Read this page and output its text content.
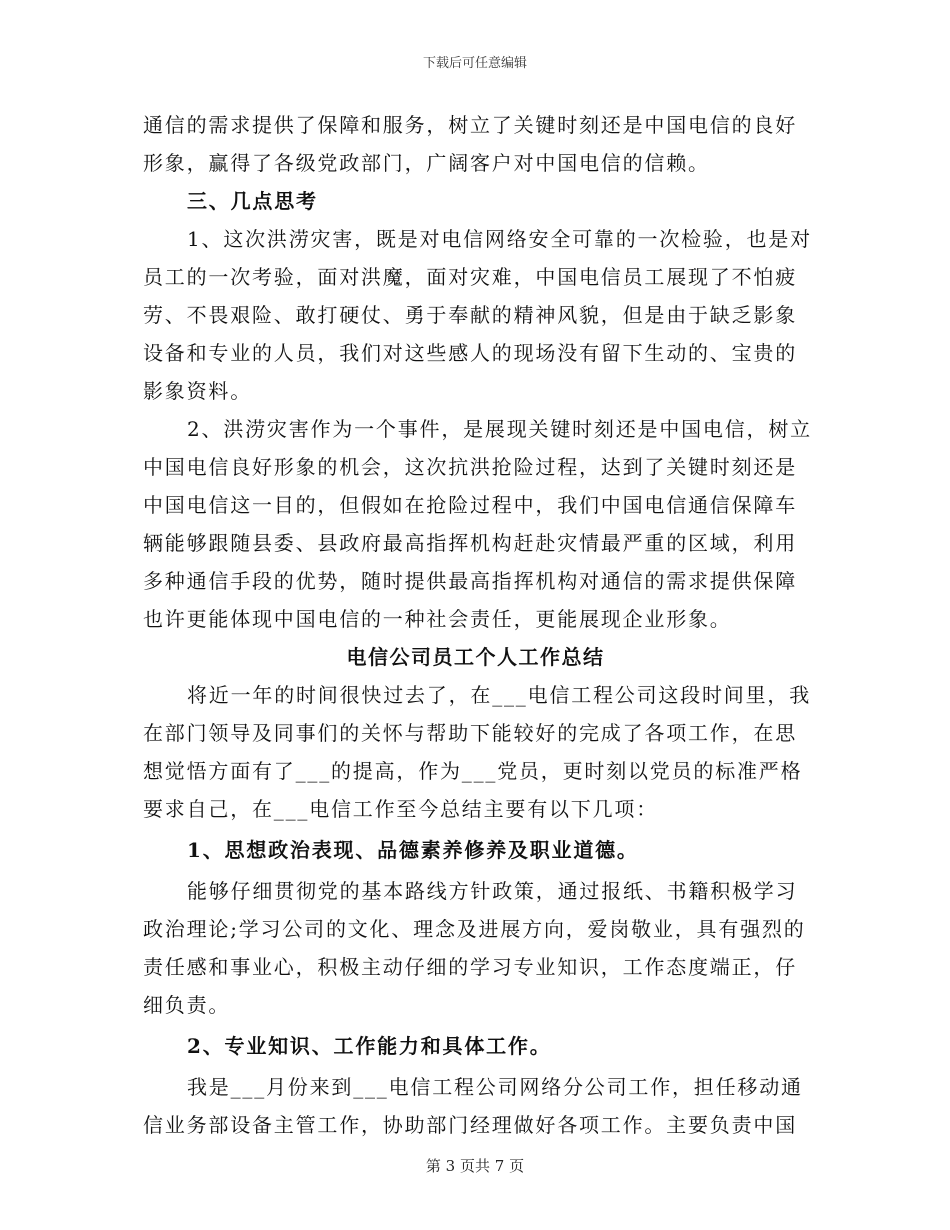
下载后可任意编辑
通信的需求提供了保障和服务，树立了关键时刻还是中国电信的良好
形象，赢得了各级党政部门，广阔客户对中国电信的信赖。
三、几点思考
1、这次洪涝灾害，既是对电信网络安全可靠的一次检验，也是对
员工的一次考验，面对洪魔，面对灾难，中国电信员工展现了不怕疲
劳、不畏艰险、敢打硬仗、勇于奉献的精神风貌，但是由于缺乏影象
设备和专业的人员，我们对这些感人的现场没有留下生动的、宝贵的
影象资料。
2、洪涝灾害作为一个事件，是展现关键时刻还是中国电信，树立
中国电信良好形象的机会，这次抗洪抢险过程，达到了关键时刻还是
中国电信这一目的，但假如在抢险过程中，我们中国电信通信保障车
辆能够跟随县委、县政府最高指挥机构赶赴灾情最严重的区域，利用
多种通信手段的优势，随时提供最高指挥机构对通信的需求提供保障
也许更能体现中国电信的一种社会责任，更能展现企业形象。
电信公司员工个人工作总结
将近一年的时间很快过去了，在___电信工程公司这段时间里，我
在部门领导及同事们的关怀与帮助下能较好的完成了各项工作，在思
想觉悟方面有了___的提高，作为___党员，更时刻以党员的标准严格
要求自己，在___电信工作至今总结主要有以下几项：
1、思想政治表现、品德素养修养及职业道德。
能够仔细贯彻党的基本路线方针政策，通过报纸、书籍积极学习
政治理论;学习公司的文化、理念及进展方向，爱岗敬业，具有强烈的
责任感和事业心，积极主动仔细的学习专业知识，工作态度端正，仔
细负责。
2、专业知识、工作能力和具体工作。
我是___月份来到___电信工程公司网络分公司工作，担任移动通
信业务部设备主管工作，协助部门经理做好各项工作。主要负责中国
第 3 页共 7 页
